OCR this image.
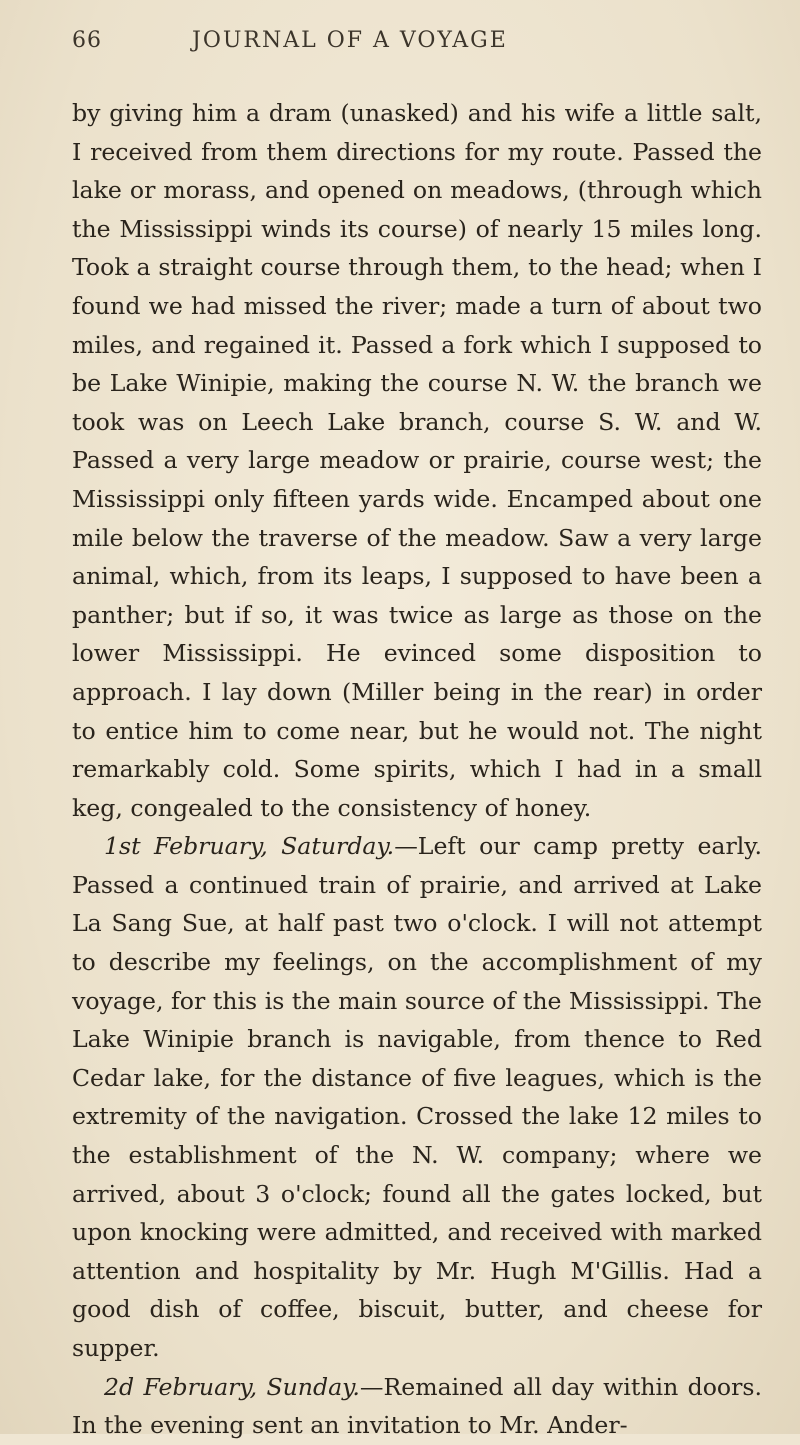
66	JOURNAL OF A VOYAGE

by giving him a dram (unasked) and his wife a little salt, I received from them directions for my route. Passed the lake or morass, and opened on meadows, (through which the Mississippi winds its course) of nearly 15 miles long. Took a straight course through them, to the head; when I found we had missed the river; made a turn of about two miles, and regained it. Passed a fork which I supposed to be Lake Winipie, making the course N. W. the branch we took was on Leech Lake branch, course S. W. and W. Passed a very large meadow or prairie, course west; the Mississippi only fifteen yards wide. Encamped about one mile below the traverse of the meadow. Saw a very large animal, which, from its leaps, I supposed to have been a panther; but if so, it was twice as large as those on the lower Mississippi. He evinced some disposition to approach. I lay down (Miller being in the rear) in order to entice him to come near, but he would not. The night remarkably cold. Some spirits, which I had in a small keg, congealed to the consistency of honey.

1st February, Saturday.—Left our camp pretty early. Passed a continued train of prairie, and arrived at Lake La Sang Sue, at half past two o'clock. I will not attempt to describe my feelings, on the accomplishment of my voyage, for this is the main source of the Mississippi. The Lake Winipie branch is navigable, from thence to Red Cedar lake, for the distance of five leagues, which is the extremity of the navigation. Crossed the lake 12 miles to the establishment of the N. W. company; where we arrived, about 3 o'clock; found all the gates locked, but upon knocking were admitted, and received with marked attention and hospitality by Mr. Hugh M'Gillis. Had a good dish of coffee, biscuit, butter, and cheese for supper.

2d February, Sunday.—Remained all day within doors. In the evening sent an invitation to Mr. Ander-
